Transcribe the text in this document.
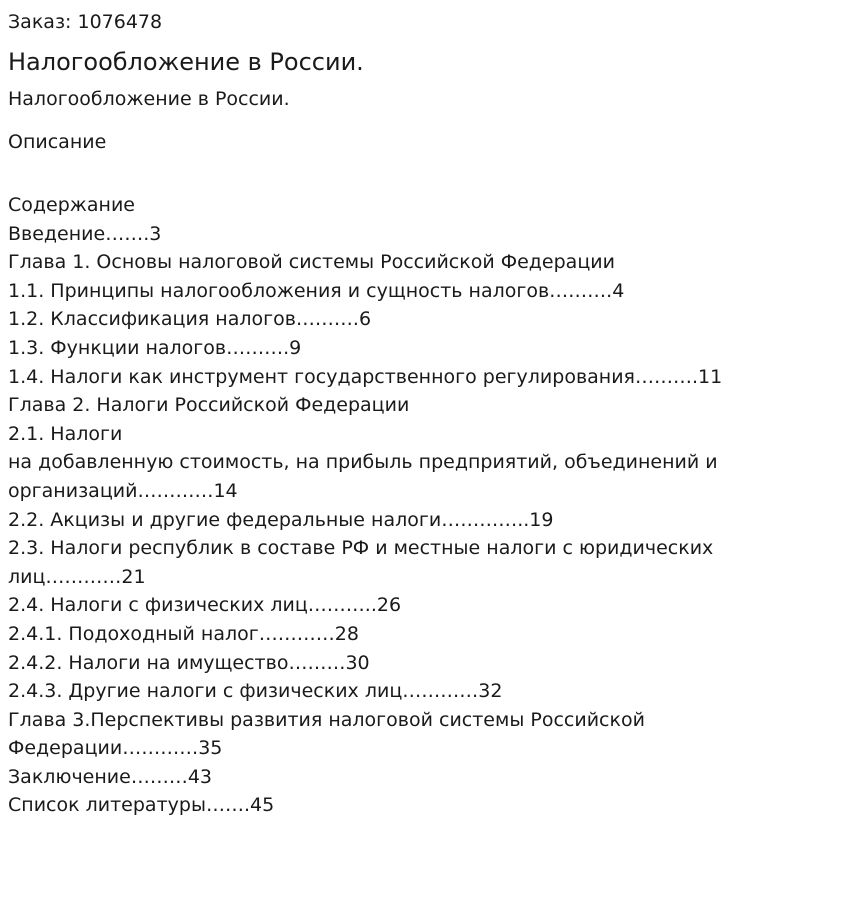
Заказ: 1076478
Налогообложение в России.
Налогообложение в России.
Описание
Содержание
Введение…….3
Глава 1. Основы налоговой системы Российской Федерации
1.1. Принципы налогообложения и сущность налогов……….4
1.2. Классификация налогов……….6
1.3. Функции налогов……….9
1.4. Налоги как инструмент государственного регулирования……….11
Глава 2. Налоги Российской Федерации
2.1. Налоги
на добавленную стоимость, на прибыль предприятий, объединений и
организаций…………14
2.2. Акцизы и другие федеральные налоги…………..19
2.3. Налоги республик в составе РФ и местные налоги с юридических
лиц…………21
2.4. Налоги с физических лиц………..26
2.4.1. Подоходный налог…………28
2.4.2. Налоги на имущество………30
2.4.3. Другие налоги с физических лиц…………32
Глава 3.Перспективы развития налоговой системы Российской
Федерации…………35
Заключение………43
Список литературы…….45
